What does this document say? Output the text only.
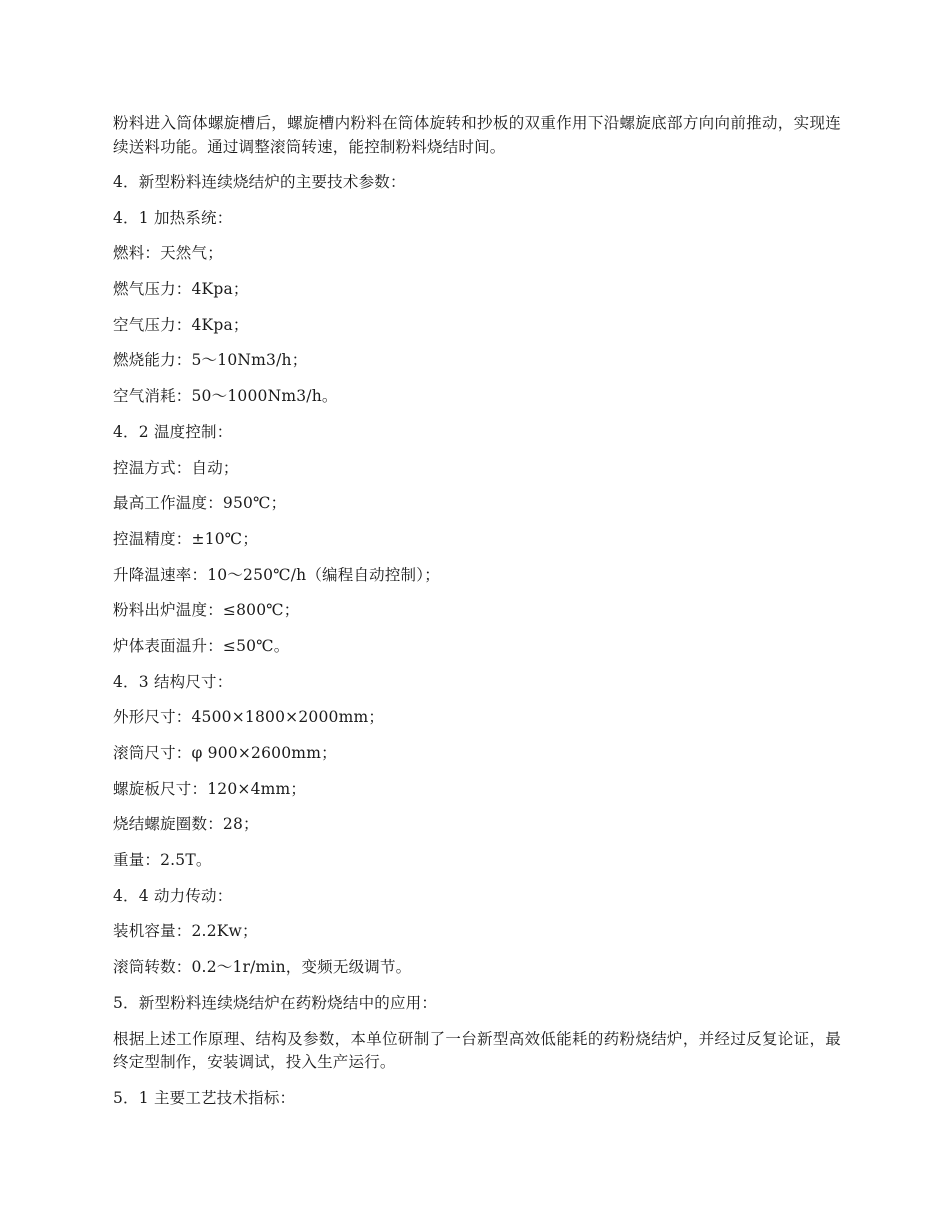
粉料进入筒体螺旋槽后，螺旋槽内粉料在筒体旋转和抄板的双重作用下沿螺旋底部方向向前推动，实现连续送料功能。通过调整滚筒转速，能控制粉料烧结时间。

4．新型粉料连续烧结炉的主要技术参数：

4．1 加热系统：

燃料：天然气；

燃气压力：4Kpa；

空气压力：4Kpa；

燃烧能力：5～10Nm3/h；

空气消耗：50～1000Nm3/h。

4．2 温度控制：

控温方式：自动；

最高工作温度：950℃；

控温精度：±10℃；

升降温速率：10～250℃/h（编程自动控制）；

粉料出炉温度：≤800℃；

炉体表面温升：≤50℃。

4．3 结构尺寸：

外形尺寸：4500×1800×2000mm；

滚筒尺寸：φ 900×2600mm；

螺旋板尺寸：120×4mm；

烧结螺旋圈数：28；

重量：2.5T。

4．4 动力传动：

装机容量：2.2Kw；

滚筒转数：0.2～1r/min，变频无级调节。

5．新型粉料连续烧结炉在药粉烧结中的应用：

根据上述工作原理、结构及参数，本单位研制了一台新型高效低能耗的药粉烧结炉，并经过反复论证，最终定型制作，安装调试，投入生产运行。

5．1 主要工艺技术指标：
